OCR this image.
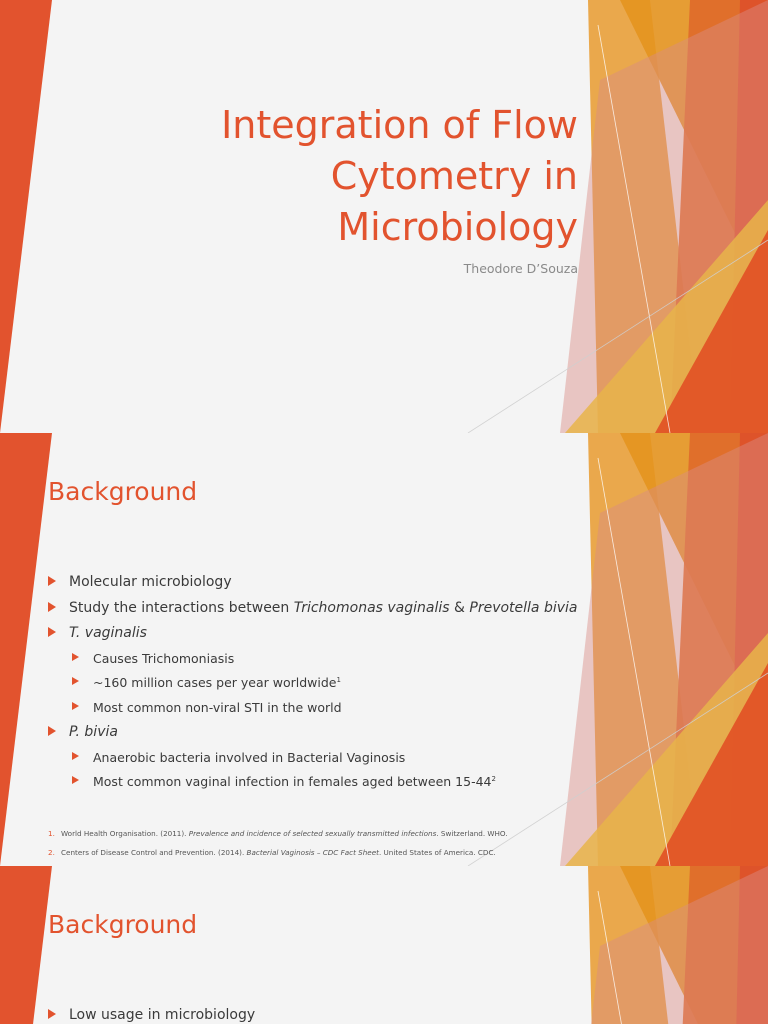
Integration of Flow
Cytometry in
Microbiology
Theodore D’Souza
Background
Molecular microbiology
Study the interactions between Trichomonas vaginalis & Prevotella bivia
T. vaginalis
Causes Trichomoniasis
~160 million cases per year worldwide$^1$
Most common non-viral STI in the world
P. bivia
Anaerobic bacteria involved in Bacterial Vaginosis
Most common vaginal infection in females aged between 15-44$^2$
1. World Health Organisation. (2011). Prevalence and incidence of selected sexually transmitted infections. Switzerland. WHO.
2. Centers of Disease Control and Prevention. (2014). Bacterial Vaginosis – CDC Fact Sheet. United States of America. CDC.
Background
Low usage in microbiology
